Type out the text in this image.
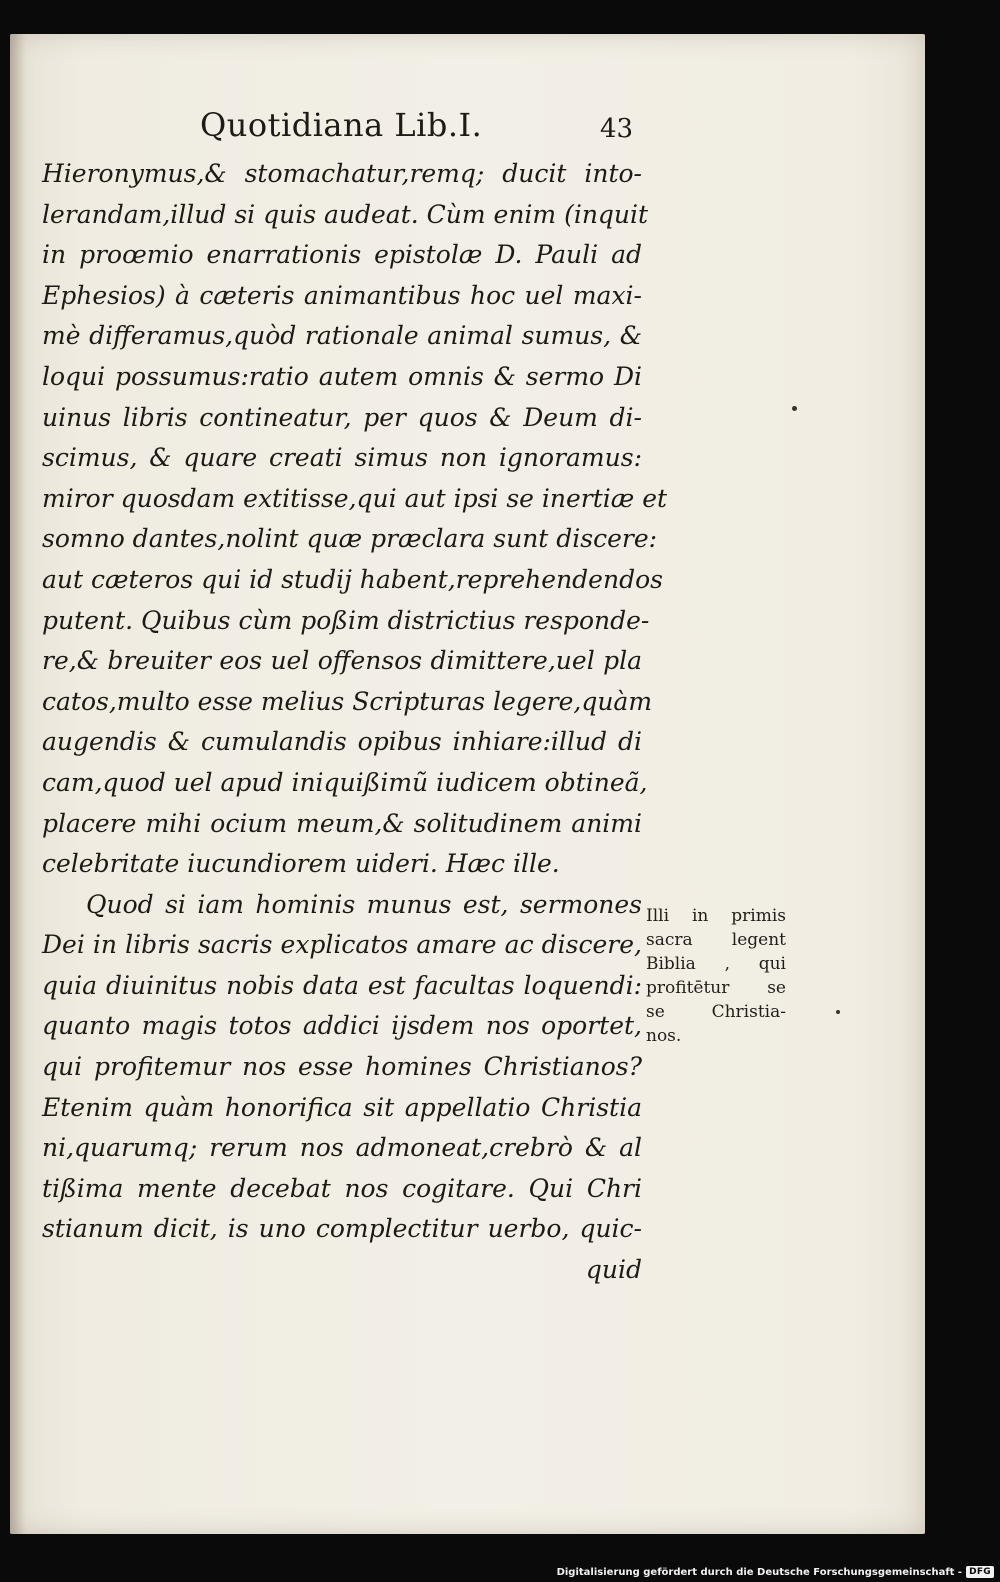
Quotidiana Lib.I.	43
Hieronymus,& stomachatur,remq; ducit into-
lerandam,illud si quis audeat. Cùm enim (inquit
in proœmio enarrationis epistolæ D. Pauli ad
Ephesios) à cæteris animantibus hoc uel maxi-
mè differamus,quòd rationale animal sumus, &
loqui possumus:ratio autem omnis & sermo Di
uinus libris contineatur, per quos & Deum di-
scimus, & quare creati simus non ignoramus:
miror quosdam extitisse,qui aut ipsi se inertiæ et
somno dantes,nolint quæ præclara sunt discere:
aut cæteros qui id studij habent,reprehendendos
putent. Quibus cùm poßim districtius responde-
re,& breuiter eos uel offensos dimittere,uel pla
catos,multo esse melius Scripturas legere,quàm
augendis & cumulandis opibus inhiare:illud di
cam,quod uel apud iniquißimũ iudicem obtineã,
placere mihi ocium meum,& solitudinem animi
celebritate iucundiorem uideri. Hæc ille.
Quod si iam hominis munus est, sermones
Dei in libris sacris explicatos amare ac discere,
quia diuinitus nobis data est facultas loquendi:
quanto magis totos addici ijsdem nos oportet,
qui profitemur nos esse homines Christianos?
Etenim quàm honorifica sit appellatio Christia
ni,quarumq; rerum nos admoneat,crebrò & al
tißima mente decebat nos cogitare. Qui Chri
stianum dicit, is uno complectitur uerbo, quic-
quid
Illi in primis
sacra legent
Biblia , qui
profitētur se
se Christia-
nos.
Digitalisierung gefördert durch die Deutsche Forschungsgemeinschaft - DFG
